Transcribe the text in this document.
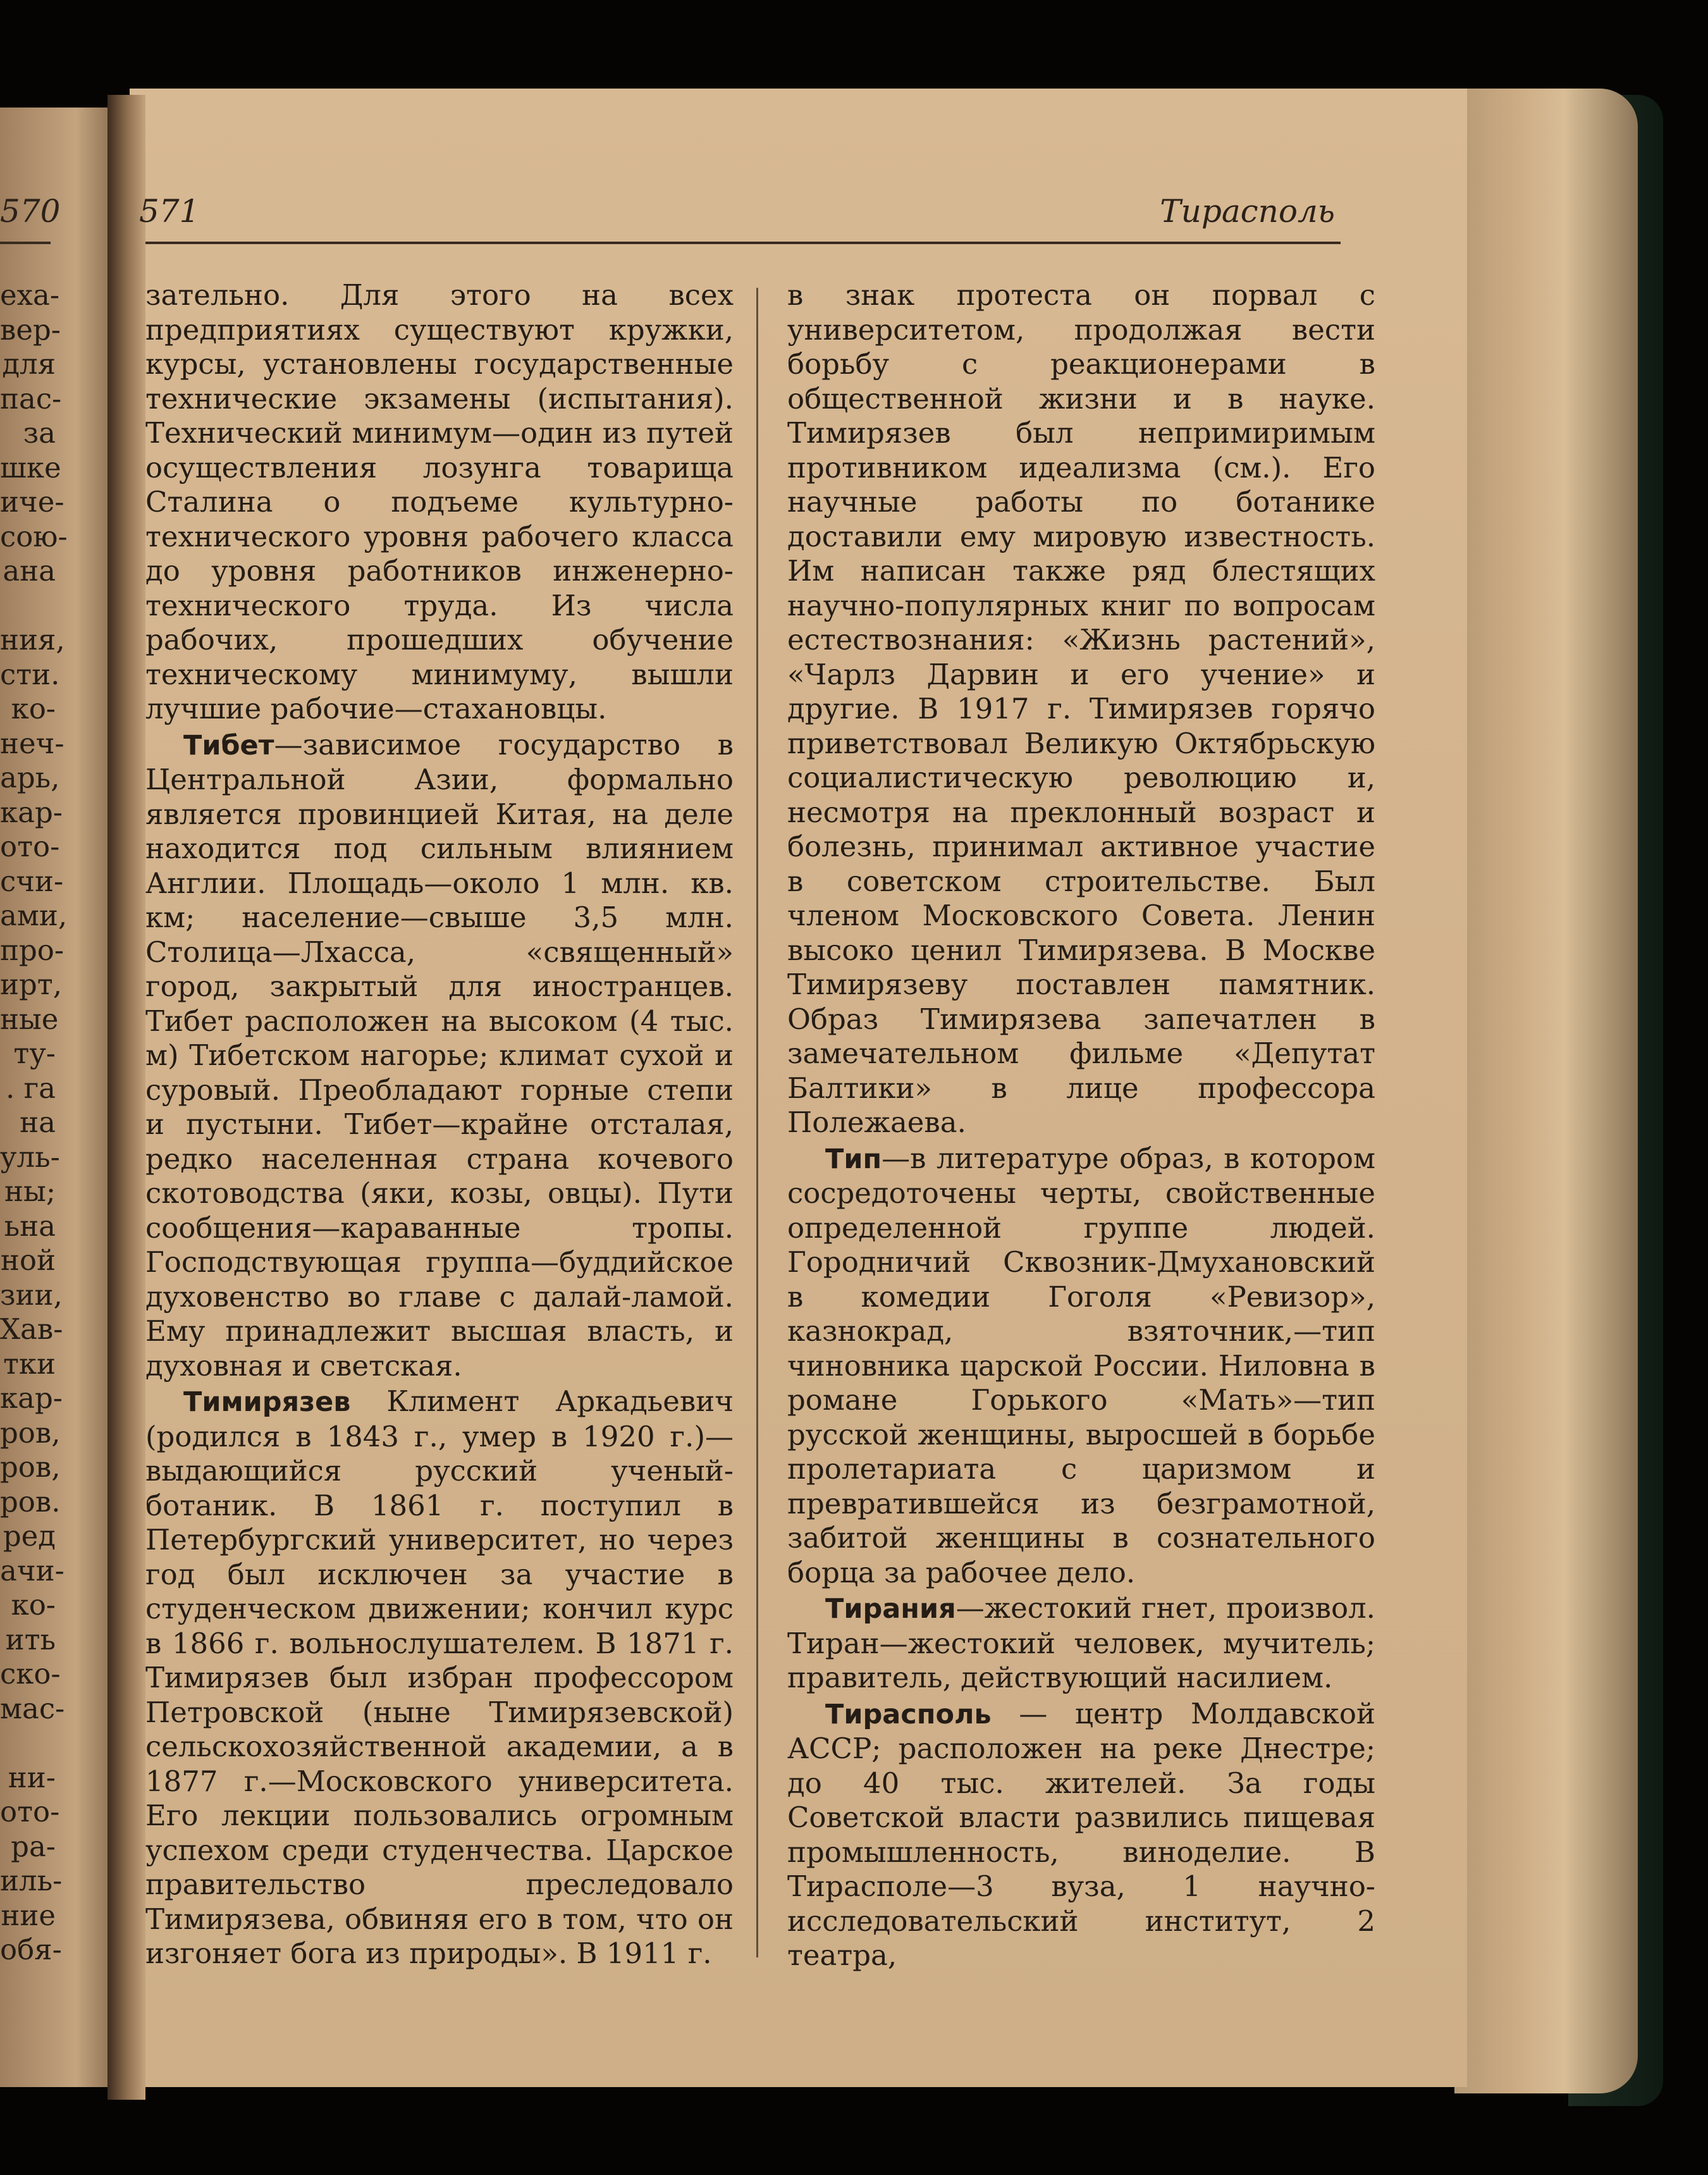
570
еха-
вер-
для
пас-
за
шке
иче-
сою-
ана

ния,
сти.
ко-
неч-
арь,
кар-
ото-
счи-
ами,
про-
ирт,
ные
ту-
. га
на
уль-
ны;
ьна
ной
зии,
Хав-
тки
кар-
ров,
ров,
ров.
ред
ачи-
ко-
ить
ско-
мас-

ни-
ото-
ра-
иль-
ние
обя-
571	Тирасполь

зательно. Для этого на всех предприятиях существуют кружки, курсы, установлены государственные технические экзамены (испытания). Технический минимум—один из путей осуществления лозунга товарища Сталина о подъеме культурно-технического уровня рабочего класса до уровня работников инженерно-технического труда. Из числа рабочих, прошедших обучение техническому минимуму, вышли лучшие рабочие—стахановцы.

Тибет—зависимое государство в Центральной Азии, формально является провинцией Китая, на деле находится под сильным влиянием Англии. Площадь—около 1 млн. кв. км; население—свыше 3,5 млн. Столица—Лхасса, «священный» город, закрытый для иностранцев. Тибет расположен на высоком (4 тыс. м) Тибетском нагорье; климат сухой и суровый. Преобладают горные степи и пустыни. Тибет—крайне отсталая, редко населенная страна кочевого скотоводства (яки, козы, овцы). Пути сообщения—караванные тропы. Господствующая группа—буддийское духовенство во главе с далай-ламой. Ему принадлежит высшая власть, и духовная и светская.

Тимирязев Климент Аркадьевич (родился в 1843 г., умер в 1920 г.)—выдающийся русский ученый-ботаник. В 1861 г. поступил в Петербургский университет, но через год был исключен за участие в студенческом движении; кончил курс в 1866 г. вольнослушателем. В 1871 г. Тимирязев был избран профессором Петровской (ныне Тимирязевской) сельскохозяйственной академии, а в 1877 г.—Московского университета. Его лекции пользовались огромным успехом среди студенчества. Царское правительство преследовало Тимирязева, обвиняя его в том, что он изгоняет бога из природы». В 1911 г.

в знак протеста он порвал с университетом, продолжая вести борьбу с реакционерами в общественной жизни и в науке. Тимирязев был непримиримым противником идеализма (см.). Его научные работы по ботанике доставили ему мировую известность. Им написан также ряд блестящих научно-популярных книг по вопросам естествознания: «Жизнь растений», «Чарлз Дарвин и его учение» и другие. В 1917 г. Тимирязев горячо приветствовал Великую Октябрьскую социалистическую революцию и, несмотря на преклонный возраст и болезнь, принимал активное участие в советском строительстве. Был членом Московского Совета. Ленин высоко ценил Тимирязева. В Москве Тимирязеву поставлен памятник. Образ Тимирязева запечатлен в замечательном фильме «Депутат Балтики» в лице профессора Полежаева.

Тип—в литературе образ, в котором сосредоточены черты, свойственные определенной группе людей. Городничий Сквозник-Дмухановский в комедии Гоголя «Ревизор», казнокрад, взяточник,—тип чиновника царской России. Ниловна в романе Горького «Мать»—тип русской женщины, выросшей в борьбе пролетариата с царизмом и превратившейся из безграмотной, забитой женщины в сознательного борца за рабочее дело.

Тирания—жестокий гнет, произвол. Тиран—жестокий человек, мучитель; правитель, действующий насилием.

Тирасполь — центр Молдавской АССР; расположен на реке Днестре; до 40 тыс. жителей. За годы Советской власти развились пищевая промышленность, виноделие. В Тирасполе—3 вуза, 1 научно-исследовательский институт, 2 театра,
